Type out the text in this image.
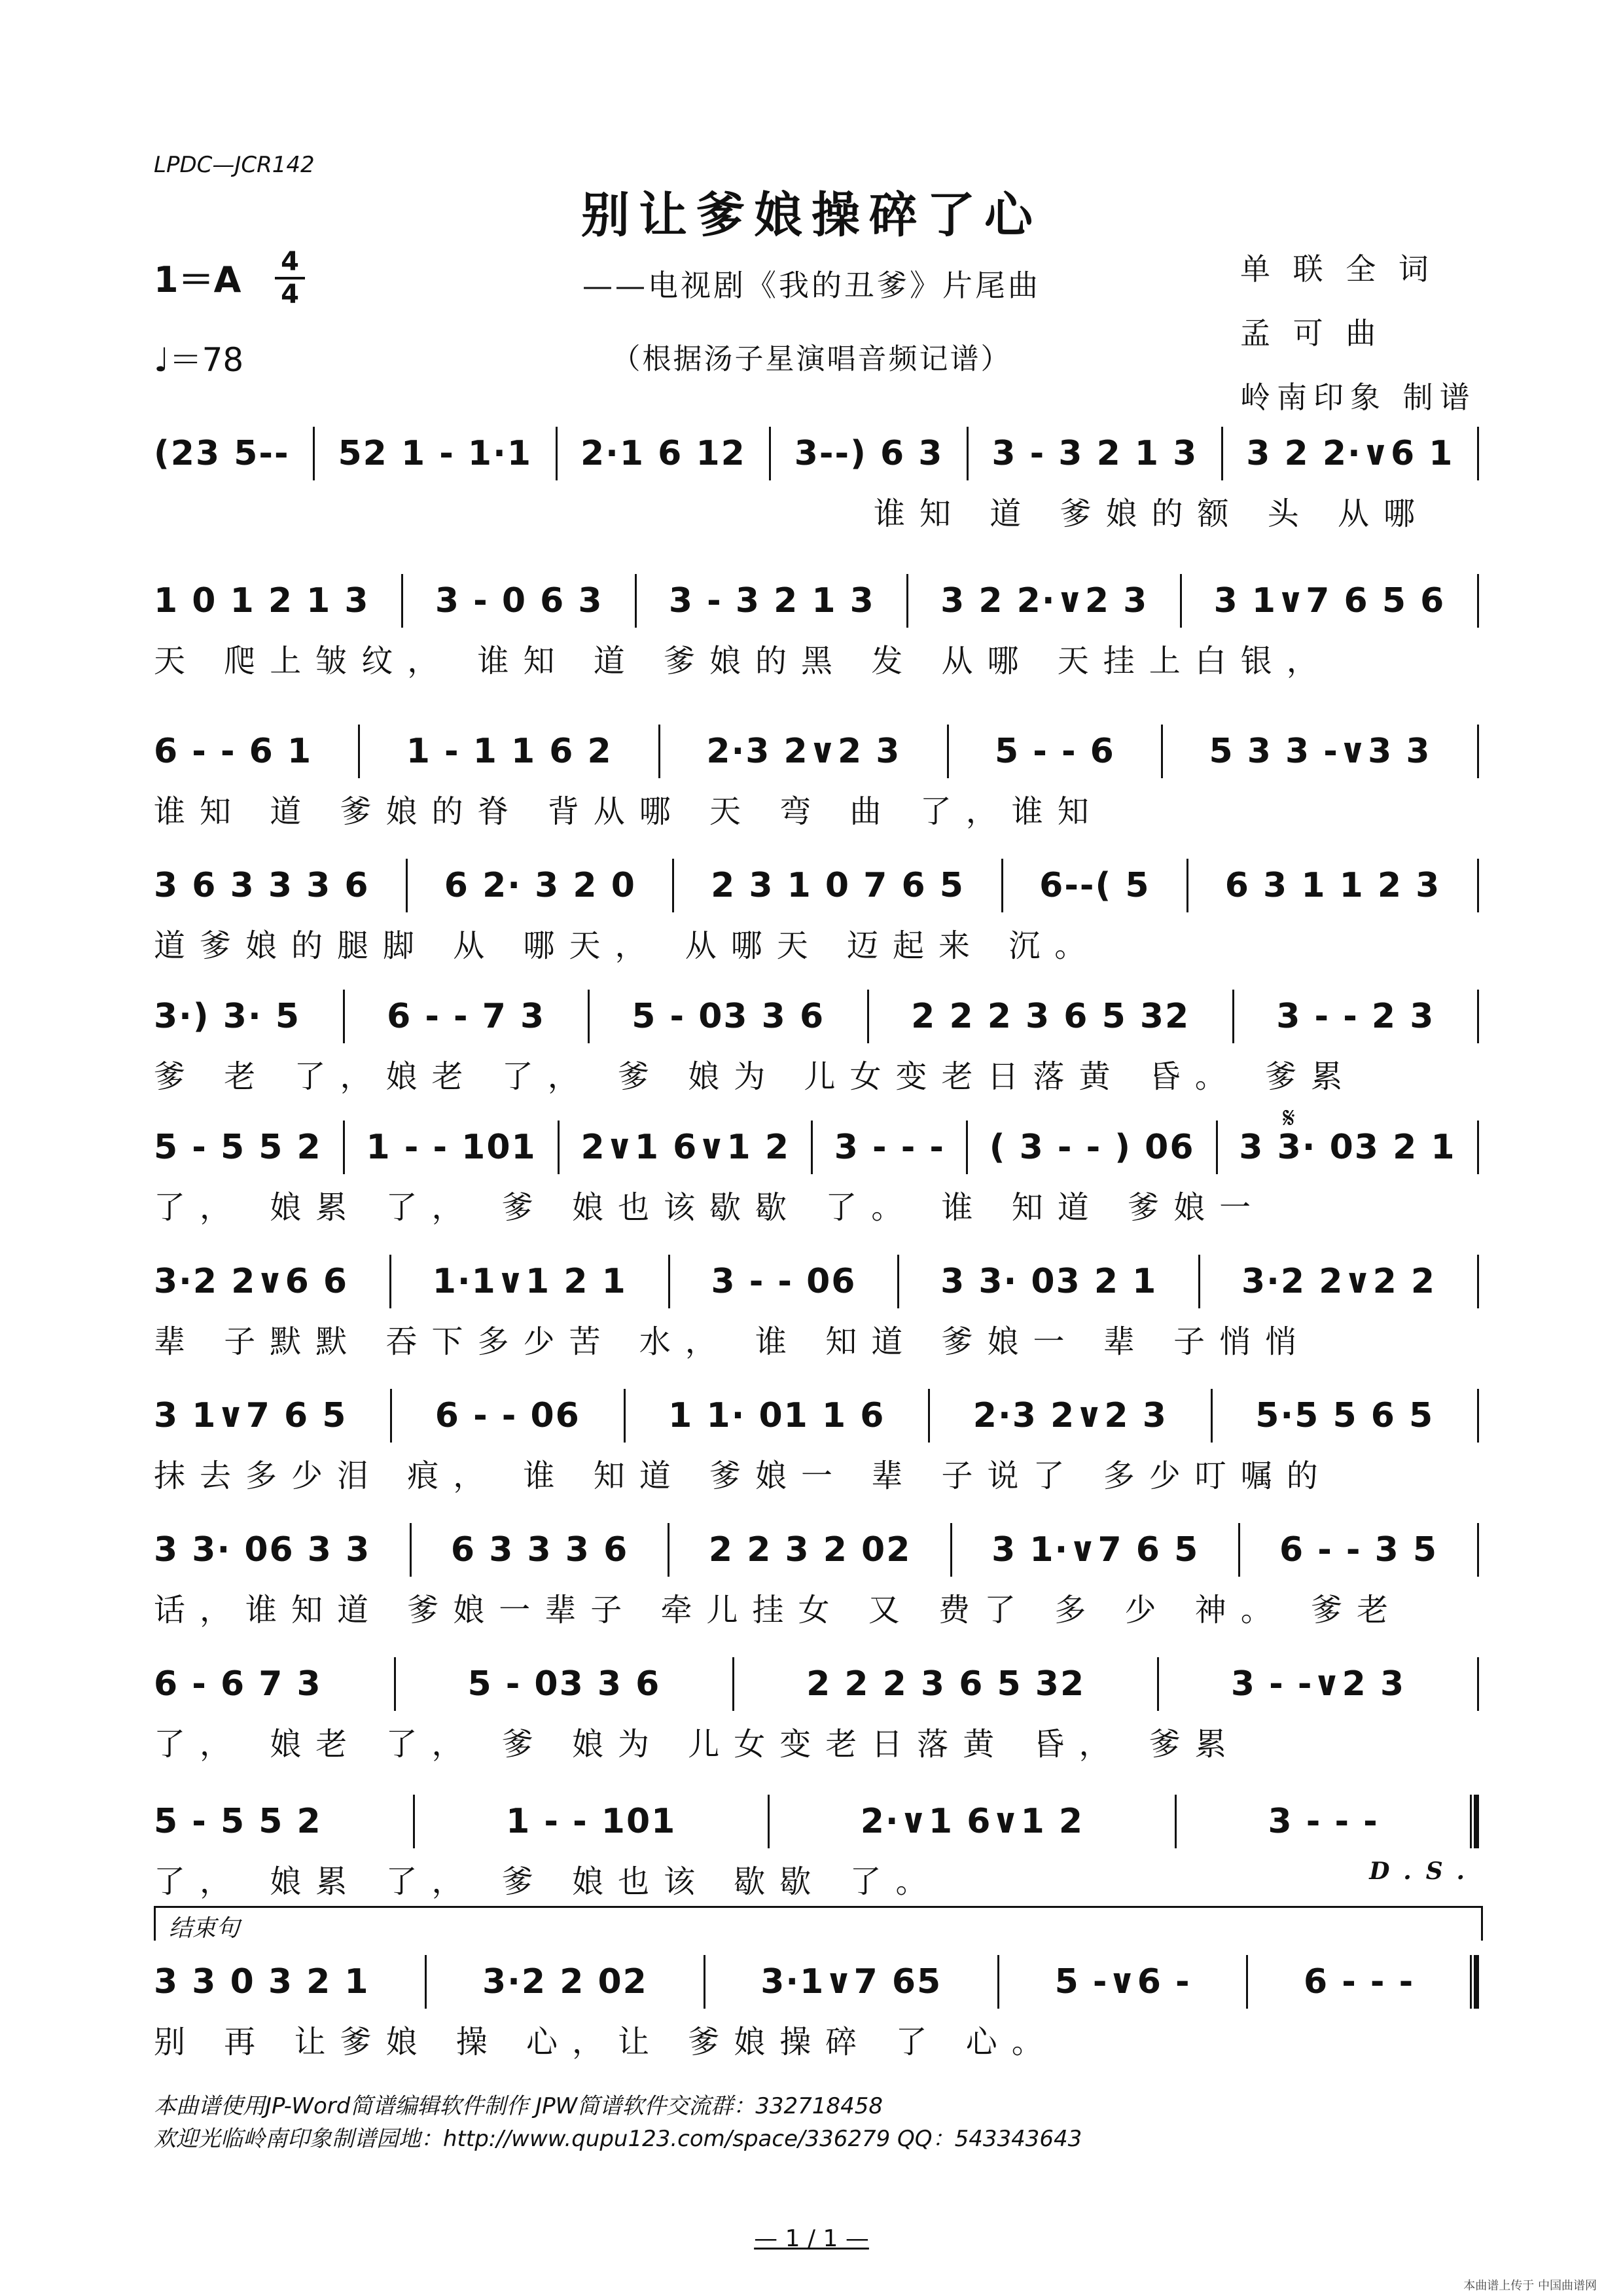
LPDC—JCR142
别让爹娘操碎了心
1＝A 4
4
♩＝78
——电视剧《我的丑爹》片尾曲
（根据汤子星演唱音频记谱）
单 联 全 词
孟 可 曲
岭南印象 制谱
(23 5-- 52 1 - 1·1 2·1 6 12 3--) 6 3 3 - 3 2 1 3 3 2 2·∨6 1
谁知 道 爹娘的额 头 从哪
1 0 1 2 1 3 3 - 0 6 3 3 - 3 2 1 3 3 2 2·∨2 3 3 1∨7 6 5 6
天 爬上皱纹， 谁知 道 爹娘的黑 发 从哪 天挂上白银，
6 - - 6 1	1 - 1 1 6 2	2·3 2∨2 3	5 - - 6	5 3 3 -∨3 3
谁知 道 爹娘的脊 背从哪 天 弯 曲 了，谁知
3 6 3 3 3 6 6 2· 3 2 0 2 3 1 0 7 6 5 6--( 5 6 3 1 1 2 3
道爹娘的腿脚 从 哪天， 从哪天 迈起来 沉。
3·) 3· 5	6 - - 7 3	5 - 03 3 6	2 2 2 3 6 5 32	3 - - 2 3
爹 老 了，娘老 了， 爹 娘为 儿女变老日落黄 昏。 爹累
𝄋
5 - 5 5 2 1 - - 101 2∨1 6∨1 2 3 - - - ( 3 - - ) 06 3 3· 03 2 1
了， 娘累 了， 爹 娘也该歇歇 了。 谁 知道 爹娘一
3·2 2∨6 6 1·1∨1 2 1 3 - - 06 3 3· 03 2 1 3·2 2∨2 2
辈 子默默 吞下多少苦 水， 谁 知道 爹娘一 辈 子悄悄
3 1∨7 6 5	6 - - 06	1 1· 01 1 6	2·3 2∨2 3	5·5 5 6 5
抹去多少泪 痕， 谁 知道 爹娘一 辈 子说了 多少叮嘱的
3 3· 06 3 3 6 3 3 3 6 2 2 3 2 02 3 1·∨7 6 5 6 - - 3 5
话，谁知道 爹娘一辈子 牵儿挂女 又 费了 多 少 神。 爹老
6 - 6 7 3	5 - 03 3 6	2 2 2 3 6 5 32	3 - -∨2 3
了， 娘老 了， 爹 娘为 儿女变老日落黄 昏， 爹累
5 - 5 5 2	1 - - 101	2·∨1 6∨1 2	3 - - -
了， 娘累 了， 爹 娘也该 歇歇 了。	D.S.
结束句
3 3 0 3 2 1	3·2 2 02	3·1∨7 65	5 -∨6 -	6 - - -
别 再 让爹娘 操 心，让 爹娘操碎 了 心。
本曲谱使用JP-Word简谱编辑软件制作 JPW简谱软件交流群：332718458
欢迎光临岭南印象制谱园地：http://www.qupu123.com/space/336279 QQ：543343643
— 1 / 1 —
本曲谱上传于 中国曲谱网
